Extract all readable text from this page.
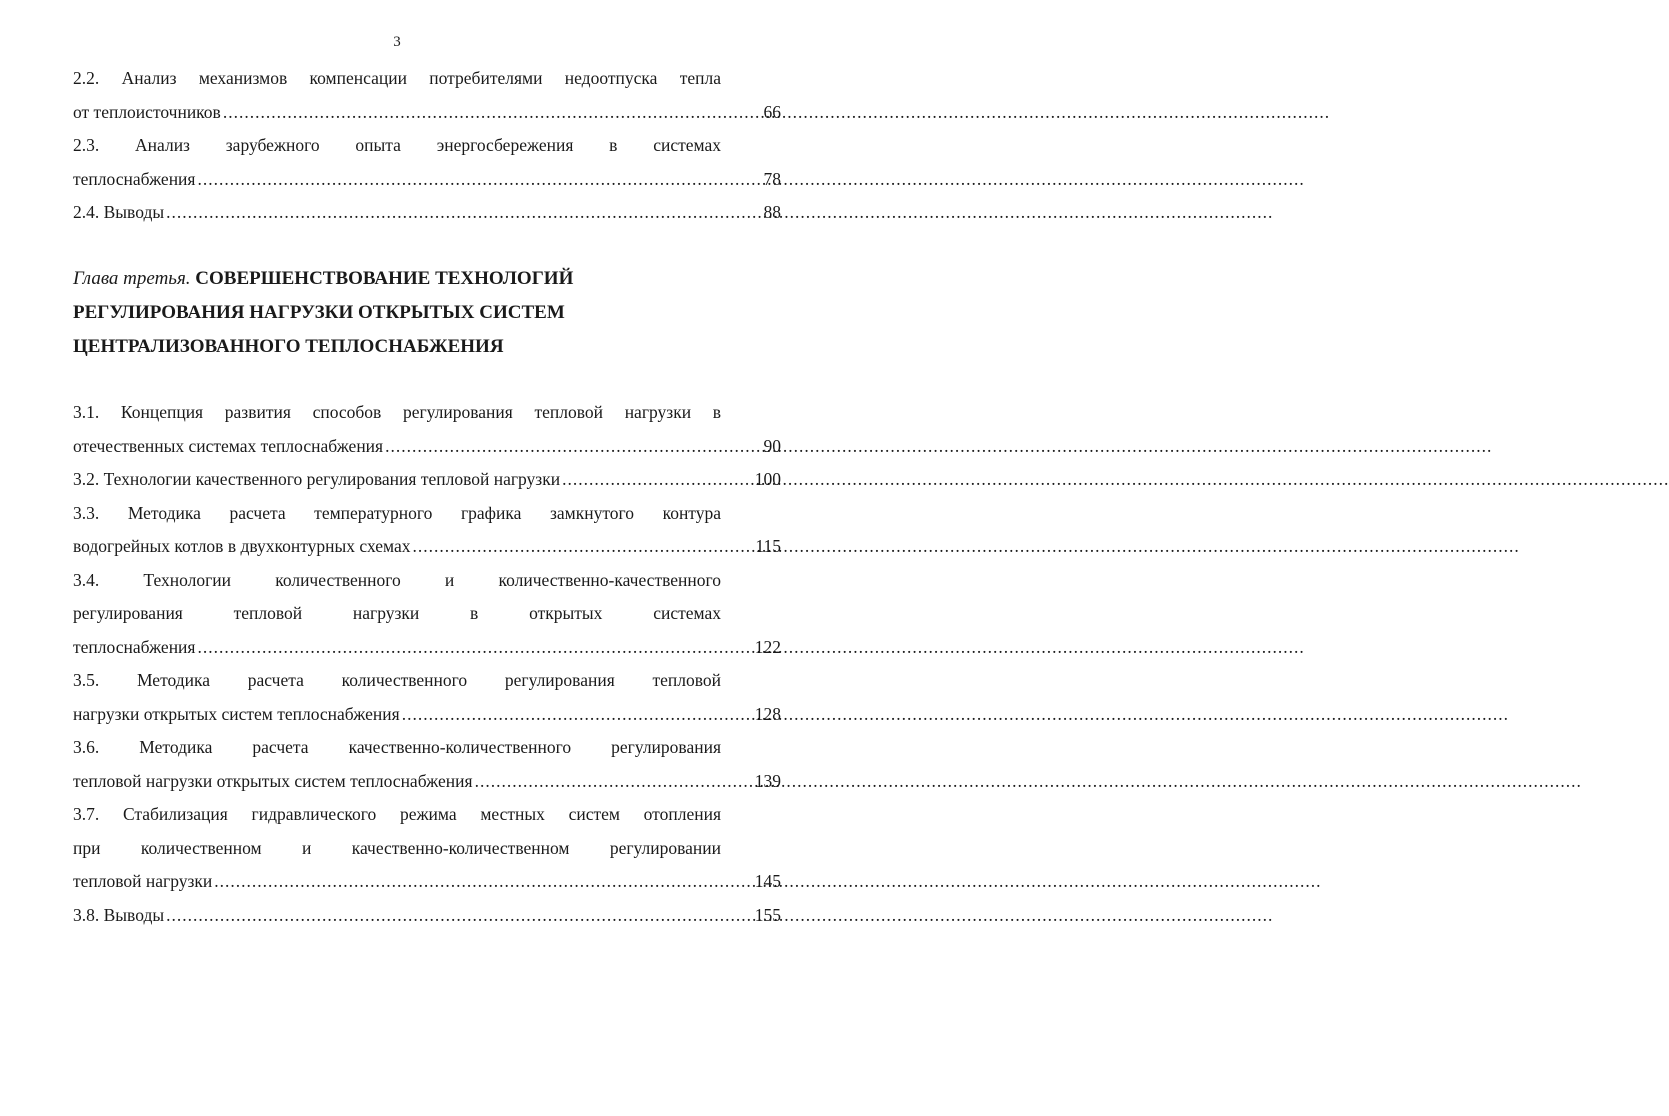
3
2.2. Анализ механизмов компенсации потребителями недоотпуска тепла
от теплоисточников .....	66
2.3. Анализ зарубежного опыта энергосбережения в системах
теплоснабжения .....	78
2.4. Выводы .....	88
Глава третья. СОВЕРШЕНСТВОВАНИЕ ТЕХНОЛОГИЙ
РЕГУЛИРОВАНИЯ НАГРУЗКИ ОТКРЫТЫХ СИСТЕМ
ЦЕНТРАЛИЗОВАННОГО ТЕПЛОСНАБЖЕНИЯ
3.1. Концепция развития способов регулирования тепловой нагрузки в
отечественных системах теплоснабжения .....	90
3.2. Технологии качественного регулирования тепловой нагрузки .....	100
3.3. Методика расчета температурного графика замкнутого контура
водогрейных котлов в двухконтурных схемах .....	115
3.4. Технологии количественного и количественно-качественного
регулирования тепловой нагрузки в открытых системах
теплоснабжения .....	122
3.5. Методика расчета количественного регулирования тепловой
нагрузки открытых систем теплоснабжения .....	128
3.6. Методика расчета качественно-количественного регулирования
тепловой нагрузки открытых систем теплоснабжения .....	139
3.7. Стабилизация гидравлического режима местных систем отопления
при количественном и качественно-количественном регулировании
тепловой нагрузки .....	145
3.8. Выводы .....	155
